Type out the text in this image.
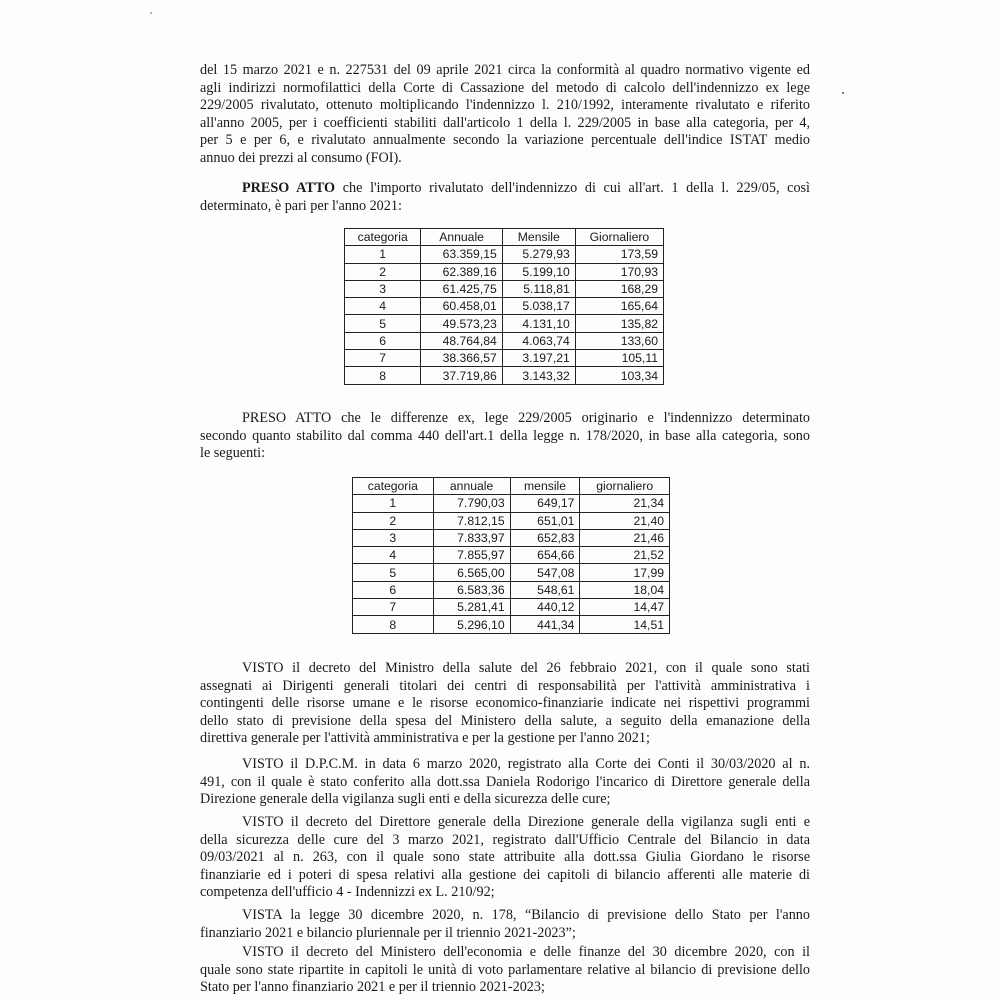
del 15 marzo 2021 e n. 227531 del 09 aprile 2021 circa la conformità al quadro normativo vigente ed
agli indirizzi normofilattici della Corte di Cassazione del metodo di calcolo dell'indennizzo ex lege
229/2005 rivalutato, ottenuto moltiplicando l'indennizzo l. 210/1992, interamente rivalutato e riferito
all'anno 2005, per i coefficienti stabiliti dall'articolo 1 della l. 229/2005 in base alla categoria, per 4,
per 5 e per 6, e rivalutato annualmente secondo la variazione percentuale dell'indice ISTAT medio
annuo dei prezzi al consumo (FOI).
PRESO ATTO che l'importo rivalutato dell'indennizzo di cui all'art. 1 della l. 229/05, così
determinato, è pari per l'anno 2021:
categoria	Annuale	Mensile	Giornaliero
1	63.359,15	5.279,93	173,59
2	62.389,16	5.199,10	170,93
3	61.425,75	5.118,81	168,29
4	60.458,01	5.038,17	165,64
5	49.573,23	4.131,10	135,82
6	48.764,84	4.063,74	133,60
7	38.366,57	3.197,21	105,11
8	37.719,86	3.143,32	103,34
PRESO ATTO che le differenze ex, lege 229/2005 originario e l'indennizzo determinato
secondo quanto stabilito dal comma 440 dell'art.1 della legge n. 178/2020, in base alla categoria, sono
le seguenti:
categoria	annuale	mensile	giornaliero
1	7.790,03	649,17	21,34
2	7.812,15	651,01	21,40
3	7.833,97	652,83	21,46
4	7.855,97	654,66	21,52
5	6.565,00	547,08	17,99
6	6.583,36	548,61	18,04
7	5.281,41	440,12	14,47
8	5.296,10	441,34	14,51
VISTO il decreto del Ministro della salute del 26 febbraio 2021, con il quale sono stati
assegnati ai Dirigenti generali titolari dei centri di responsabilità per l'attività amministrativa i
contingenti delle risorse umane e le risorse economico-finanziarie indicate nei rispettivi programmi
dello stato di previsione della spesa del Ministero della salute, a seguito della emanazione della
direttiva generale per l'attività amministrativa e per la gestione per l'anno 2021;
VISTO il D.P.C.M. in data 6 marzo 2020, registrato alla Corte dei Conti il 30/03/2020 al n.
491, con il quale è stato conferito alla dott.ssa Daniela Rodorigo l'incarico di Direttore generale della
Direzione generale della vigilanza sugli enti e della sicurezza delle cure;
VISTO il decreto del Direttore generale della Direzione generale della vigilanza sugli enti e
della sicurezza delle cure del 3 marzo 2021, registrato dall'Ufficio Centrale del Bilancio in data
09/03/2021 al n. 263, con il quale sono state attribuite alla dott.ssa Giulia Giordano le risorse
finanziarie ed i poteri di spesa relativi alla gestione dei capitoli di bilancio afferenti alle materie di
competenza dell'ufficio 4 - Indennizzi ex L. 210/92;
VISTA la legge 30 dicembre 2020, n. 178, “Bilancio di previsione dello Stato per l'anno
finanziario 2021 e bilancio pluriennale per il triennio 2021-2023”;
VISTO il decreto del Ministero dell'economia e delle finanze del 30 dicembre 2020, con il
quale sono state ripartite in capitoli le unità di voto parlamentare relative al bilancio di previsione dello
Stato per l'anno finanziario 2021 e per il triennio 2021-2023;
